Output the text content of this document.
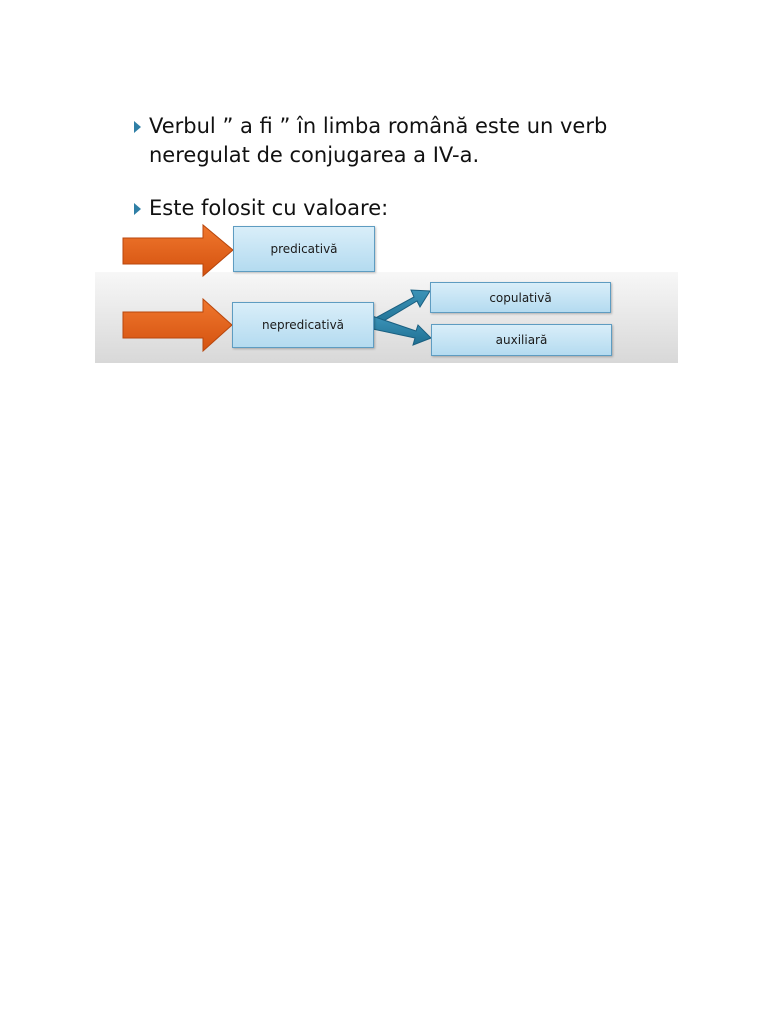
Verbul ” a fi ” în limba română este un verb neregulat de conjugarea a IV-a.
Este folosit cu valoare:
predicativă
nepredicativă
copulativă
auxiliară
